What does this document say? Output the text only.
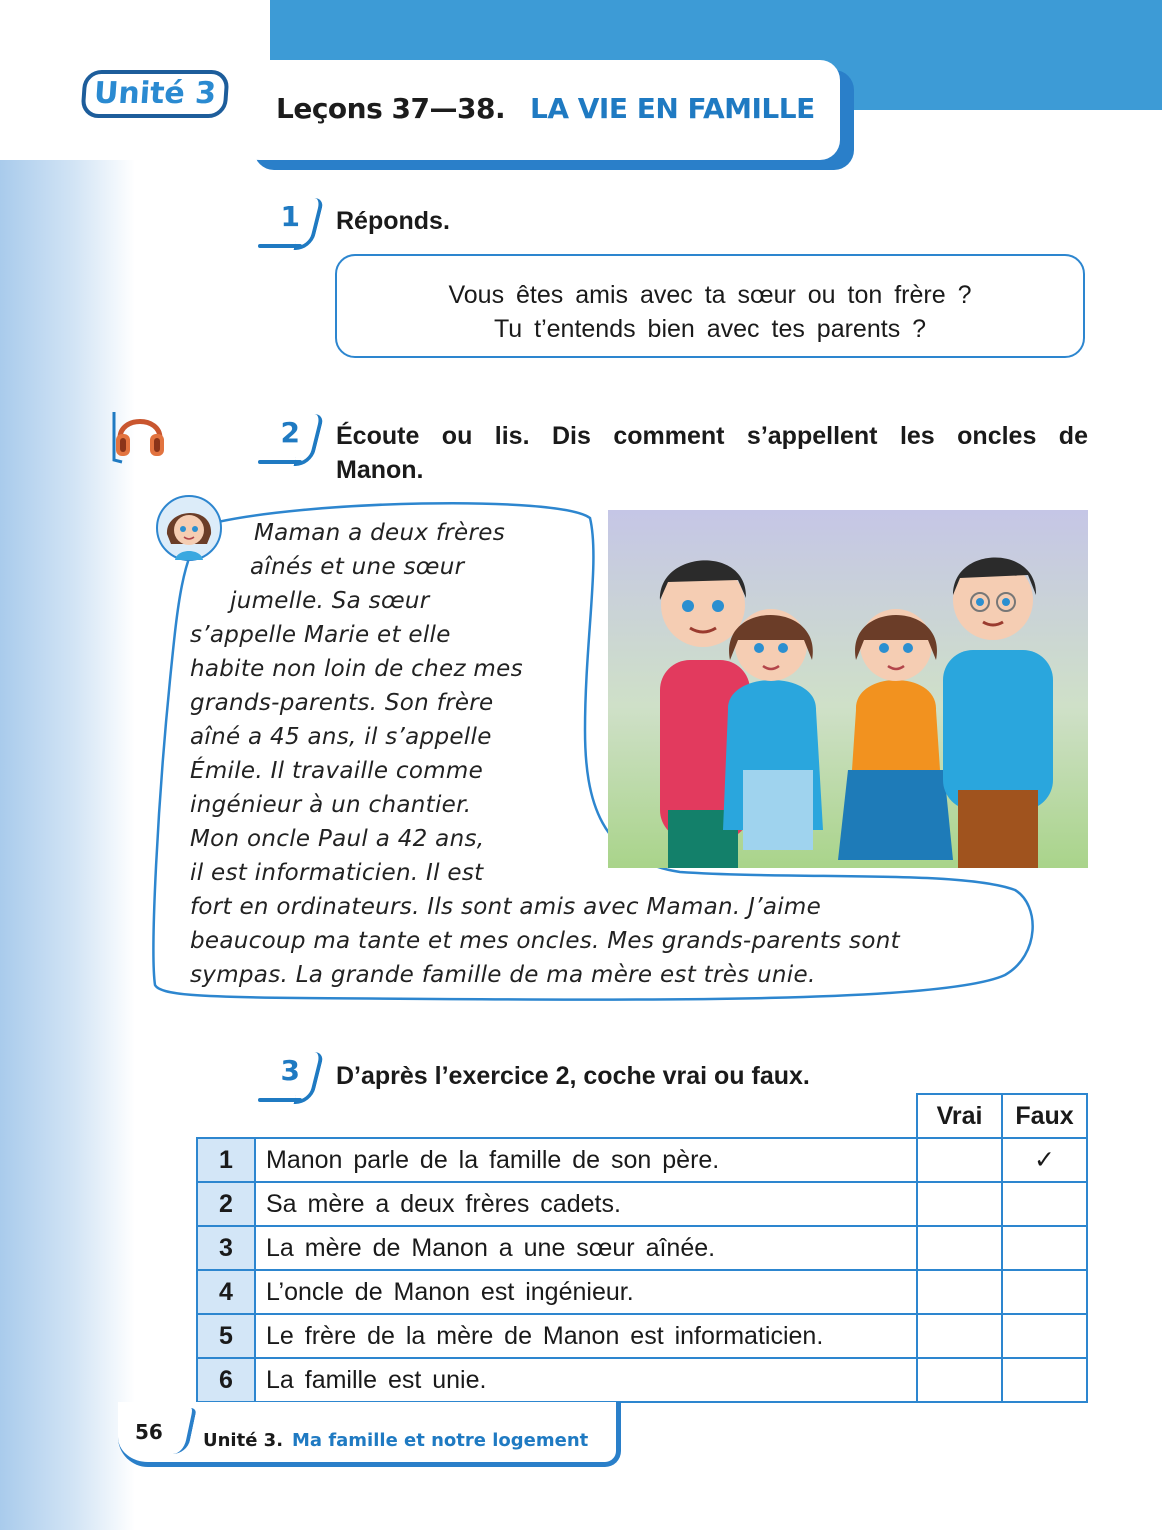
Unité 3	Leçons 37—38. LA VIE EN FAMILLE
1 Réponds.
Vous êtes amis avec ta sœur ou ton frère ?
Tu t’entends bien avec tes parents ?
2 Écoute ou lis. Dis comment s’appellent les oncles de
Manon.
Maman a deux frères
aînés et une sœur
jumelle. Sa sœur
s’appelle Marie et elle
habite non loin de chez mes
grands-parents. Son frère
aîné a 45 ans, il s’appelle
Émile. Il travaille comme
ingénieur à un chantier.
Mon oncle Paul a 42 ans,
il est informaticien. Il est
fort en ordinateurs. Ils sont amis avec Maman. J’aime
beaucoup ma tante et mes oncles. Mes grands-parents sont
sympas. La grande famille de ma mère est très unie.
3 D’après l’exercice 2, coche vrai ou faux.
		Vrai	Faux
1	Manon parle de la famille de son père.		✓
2	Sa mère a deux frères cadets.		
3	La mère de Manon a une sœur aînée.		
4	L’oncle de Manon est ingénieur.		
5	Le frère de la mère de Manon est informaticien.		
6	La famille est unie.		
56 Unité 3. Ma famille et notre logement
